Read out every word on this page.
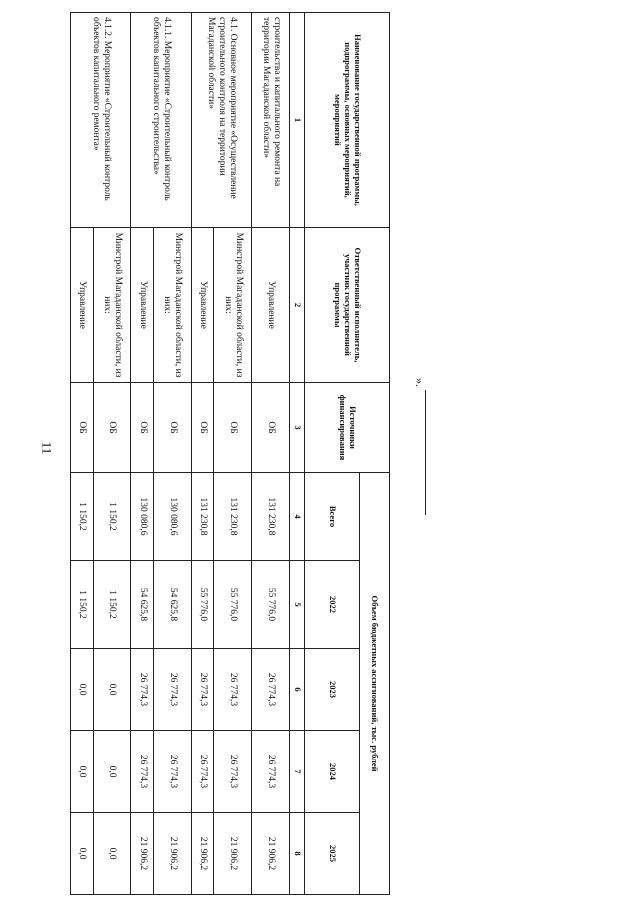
11
Наименование государственной программы, подпрограммы, основных мероприятий, мероприятий	Ответственный исполнитель, участник государственной программы	Источники финансирования	Объем бюджетных ассигнований, тыс. рублей				
			Всего	2022	2023	2024	2025
1	2	3	4	5	6	7	8
строительства и капитального ремонта на территории Магаданской области»	Управление	ОБ	131 230,8	55 776,0	26 774,3	26 774,3	21 906,2
4.1. Основное мероприятие «Осуществление строительного контроля на территории Магаданской области»	Минстрой Магаданской области, из них:	ОБ	131 230,8	55 776,0	26 774,3	26 774,3	21 906,2
	Управление	ОБ	131 230,8	55 776,0	26 774,3	26 774,3	21 906,2
4.1.1. Мероприятие «Строительный контроль объектов капитального строительства»	Минстрой Магаданской области, из них:	ОБ	130 080,6	54 625,8	26 774,3	26 774,3	21 906,2
	Управление	ОБ	130 080,6	54 625,8	26 774,3	26 774,3	21 906,2
4.1.2. Мероприятие «Строительный контроль объектов капитального ремонта»	Минстрой Магаданской области, из них:	ОБ	1 150,2	1 150,2	0,0	0,0	0,0
	Управление	ОБ	1 150,2	1 150,2	0,0	0,0	0,0
».
